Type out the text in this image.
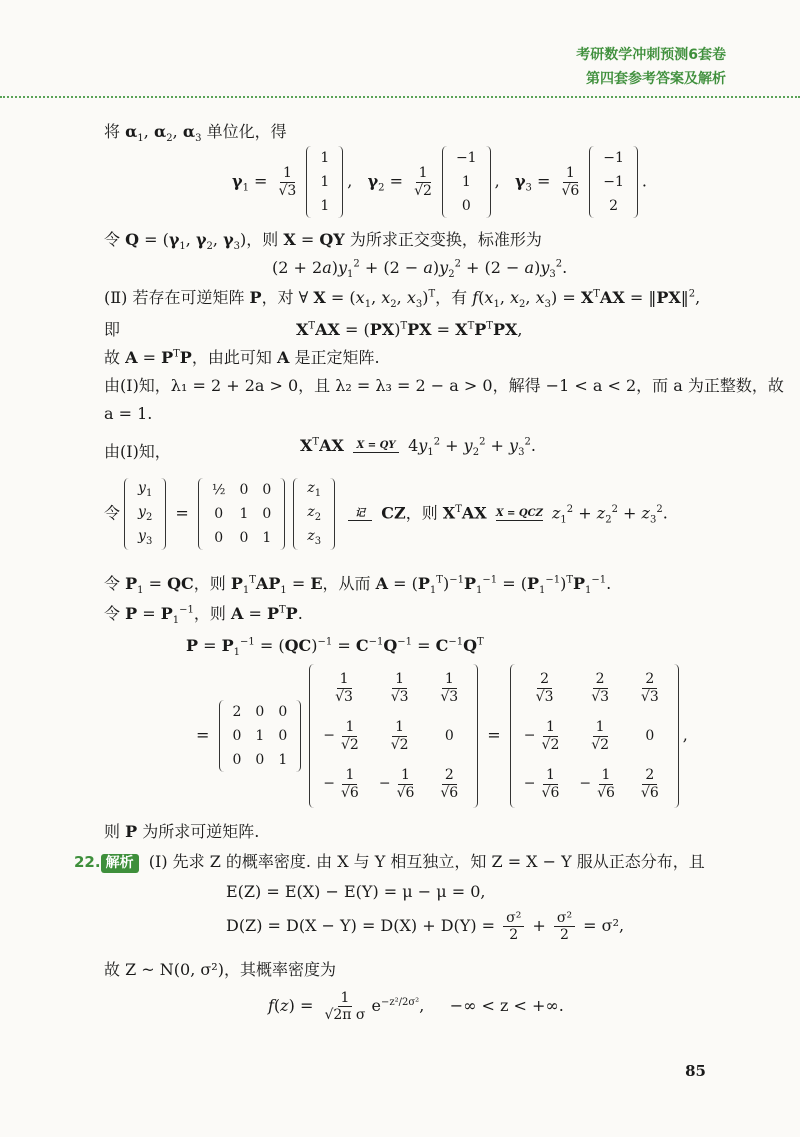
考研数学冲刺预测6套卷
第四套参考答案及解析
将 $\alpha_1$, $\alpha_2$, $\alpha_3$ 单位化，得
$\gamma_1 = \frac{1}{√3}$
1
1
1
,   $\gamma_2 = \frac{1}{√2}$
−1
1
0
,   $\gamma_3 = \frac{1}{√6}$
−1
−1
2
.
令 $Q = (\gamma_1$, $\gamma_2$, $\gamma_3$)，则 X = QY 为所求正交变换，标准形为
$(2 + 2a)y_1^2 + (2 - a)y_2^2 + (2 - a)y_3^2$.
(Ⅱ) 若存在可逆矩阵 P，对 ∀ $X = (x_1$, $x_2$, $x_3)^T$，有 $f(x_1$, $x_2$, $x_3) = X^TAX$ = ‖PX‖$^2$,
即	$X^TAX = (PX)^TPX = X^TP^TPX$,
故 $A = P^TP$，由此可知 A 是正定矩阵.
由(Ⅰ)知，λ₁ = 2 + 2a > 0，且 λ₂ = λ₃ = 2 − a > 0，解得 −1 < a < 2，而 a 为正整数，故
a = 1.
由(Ⅰ)知，	$X^TAX$ X = QY $4y_1^2 + y_2^2 + y_3^2$.
令
$y_1$
$y_2$
$y_3$
=
½	0	0
0	1	0
0	0	1
$z_1$
$z_2$
$z_3$

记 CZ，则 $X^TAX$ X = QCZ $z_1^2 + z_2^2 + z_3^2$.
令 $P_1$ = QC，则 $P_1^TAP_1 = E$，从而 $A = (P_1^T)^{-1}P_1^{-1} = (P_1^{-1})^TP_1^{-1}$.
令 $P = P_1^{-1}$，则 $A = P^TP$.
$P = P_1^{-1} = (QC)^{-1} = C^{-1}Q^{-1} = C^{-1}Q^T$
=
2	0	0
0	1	0
0	0	1
$\frac{1}{√3}$	$\frac{1}{√3}$	$\frac{1}{√3}$

− $\frac{1}{√2}$	$\frac{1}{√2}$	0
− $\frac{1}{√6}$	− $\frac{1}{√6}$	$\frac{2}{√6}$
=
$\frac{2}{√3}$	$\frac{2}{√3}$	$\frac{2}{√3}$

− $\frac{1}{√2}$	$\frac{1}{√2}$	0
− $\frac{1}{√6}$	− $\frac{1}{√6}$	$\frac{2}{√6}$
,
则 P 为所求可逆矩阵.
22. 解析 (Ⅰ) 先求 Z 的概率密度. 由 X 与 Y 相互独立，知 Z = X − Y 服从正态分布，且
E(Z) = E(X) − E(Y) = μ − μ = 0,
$D(Z) = D(X - Y) = D(X) + D(Y) = \frac{\text{σ²}}{2} + \frac{\text{σ²}}{2} = \sigma^2$,
故 Z ~ N(0, σ²)，其概率密度为
$f(z) = \frac{1}{\text{√2π σ}} e^{-z^2/2\sigma^2}$,     −∞ < z < +∞.
85
